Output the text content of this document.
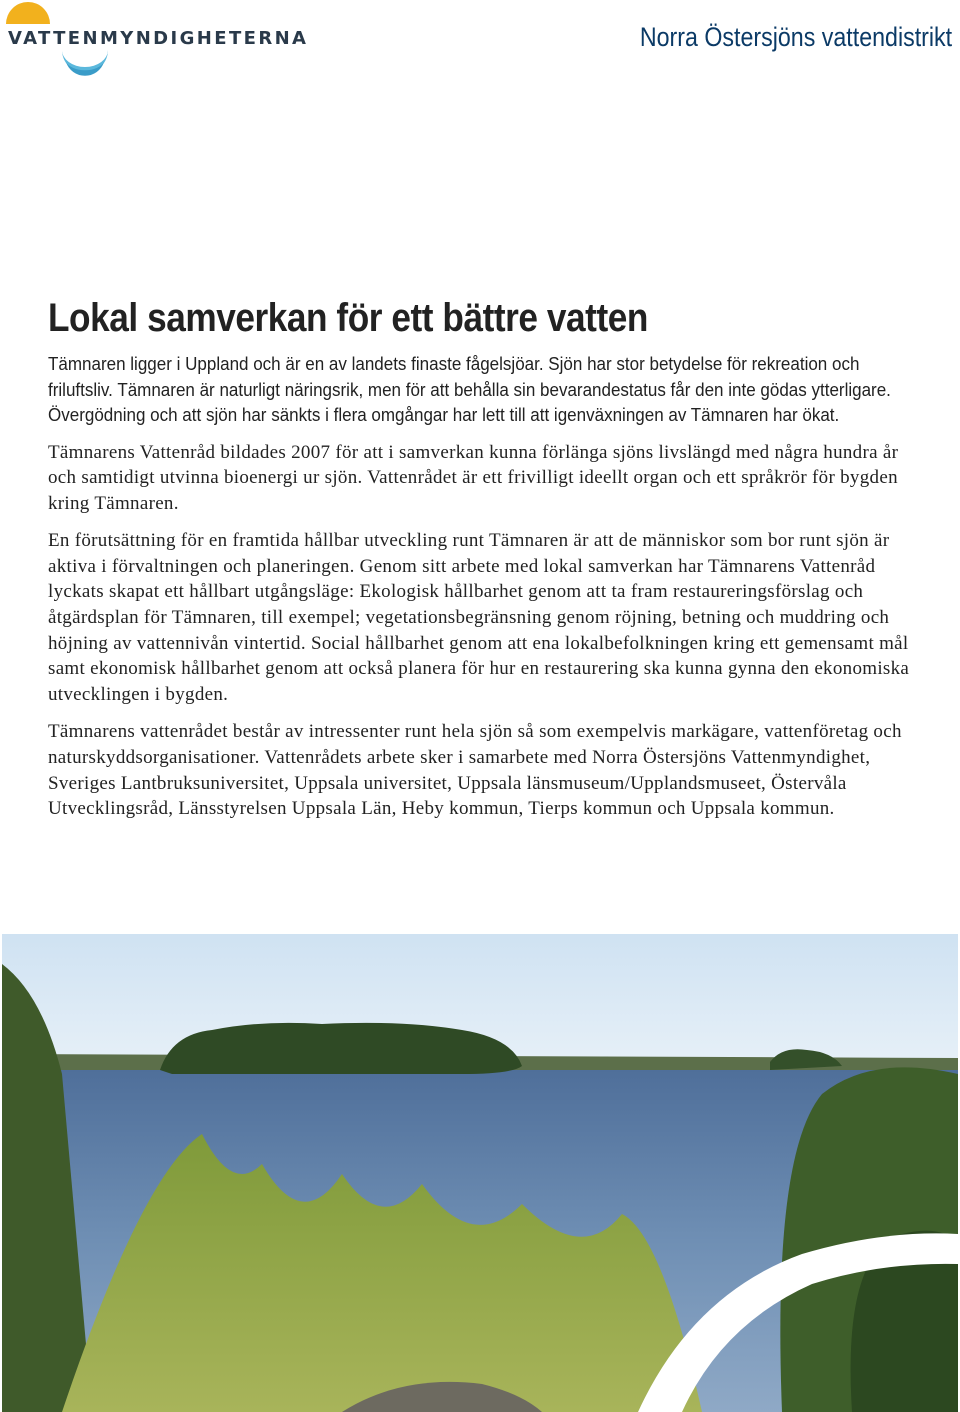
VATTENMYNDIGHETERNA	Norra Östersjöns vattendistrikt
Lokal samverkan för ett bättre vatten

Tämnaren ligger i Uppland och är en av landets finaste fågelsjöar. Sjön har stor betydelse för rekreation och friluftsliv. Tämnaren är naturligt näringsrik, men för att behålla sin bevarandestatus får den inte gödas ytterligare. Övergödning och att sjön har sänkts i flera omgångar har lett till att igenväxningen av Tämnaren har ökat.

Tämnarens Vattenråd bildades 2007 för att i samverkan kunna förlänga sjöns livslängd med några hundra år och samtidigt utvinna bioenergi ur sjön. Vattenrådet är ett frivilligt ideellt organ och ett språkrör för bygden kring Tämnaren.

En förutsättning för en framtida hållbar utveckling runt Tämnaren är att de människor som bor runt sjön är aktiva i förvaltningen och planeringen. Genom sitt arbete med lokal samverkan har Tämnarens Vattenråd lyckats skapat ett hållbart utgångsläge: Ekologisk hållbarhet genom att ta fram restaureringsförslag och åtgärdsplan för Tämnaren, till exempel; vegetationsbegränsning genom röjning, betning och muddring och höjning av vattennivån vintertid. Social hållbarhet genom att ena lokalbefolkningen kring ett gemensamt mål samt ekonomisk hållbarhet genom att också planera för hur en restaurering ska kunna gynna den ekonomiska utvecklingen i bygden.

Tämnarens vattenrådet består av intressenter runt hela sjön så som exempelvis markägare, vattenföretag och naturskyddsorganisationer. Vattenrådets arbete sker i samarbete med Norra Östersjöns Vattenmyndighet, Sveriges Lantbruksuniversitet, Uppsala universitet, Uppsala länsmuseum/Upplandsmuseet, Östervåla Utvecklingsråd, Länsstyrelsen Uppsala Län, Heby kommun, Tierps kommun och Uppsala kommun.
